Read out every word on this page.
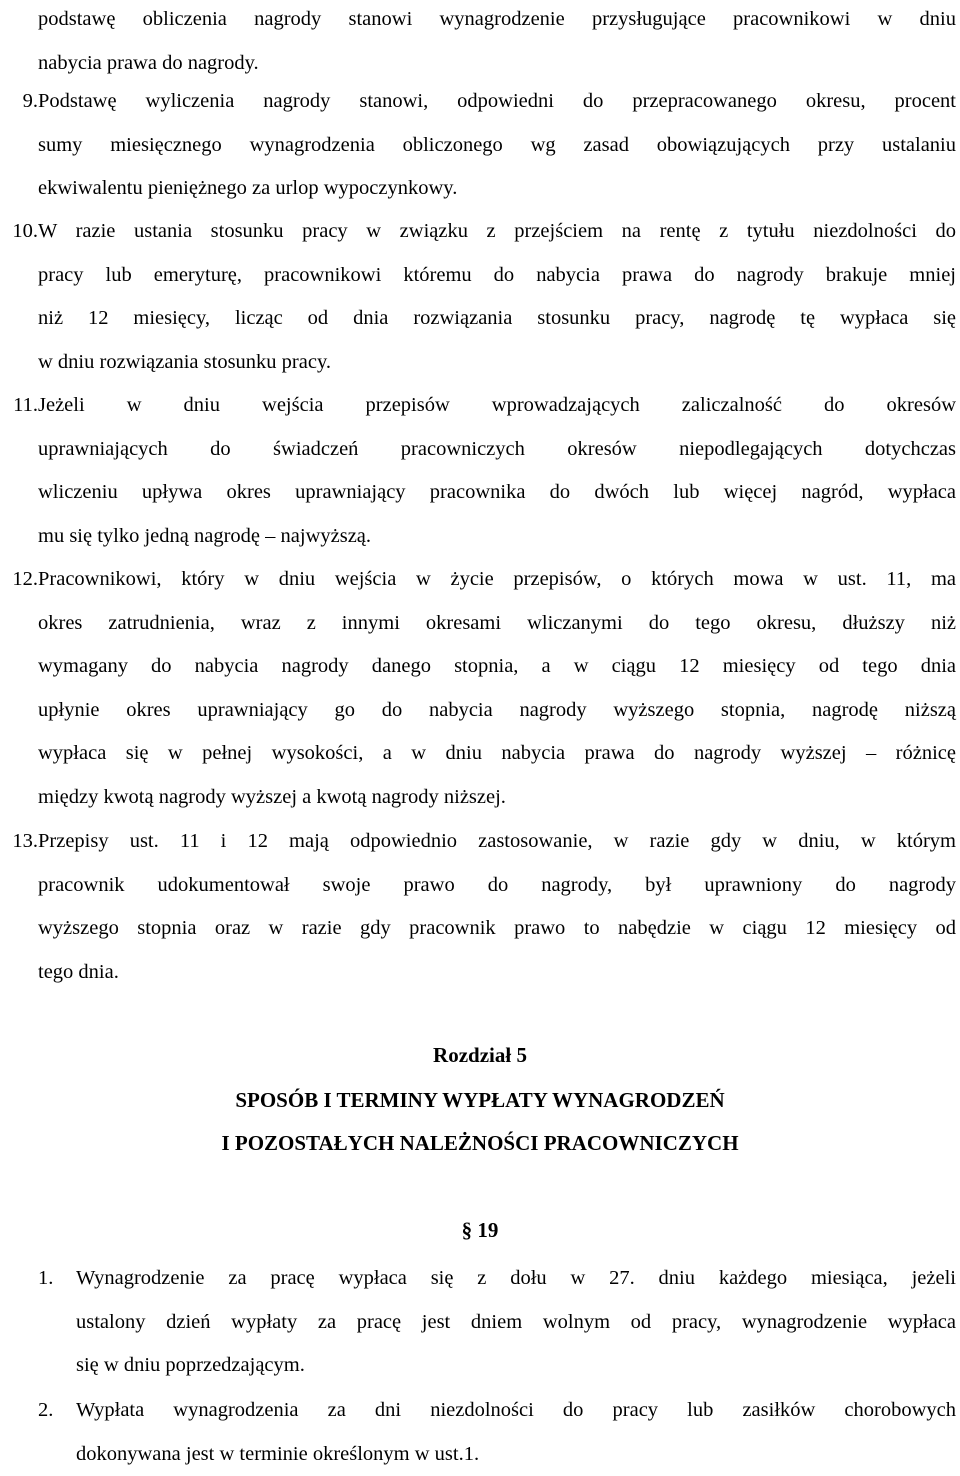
podstawę obliczenia nagrody stanowi wynagrodzenie przysługujące pracownikowi w dniu
nabycia prawa do nagrody.
9. Podstawę wyliczenia nagrody stanowi, odpowiedni do przepracowanego okresu, procent
sumy miesięcznego wynagrodzenia obliczonego wg zasad obowiązujących przy ustalaniu
ekwiwalentu pieniężnego za urlop wypoczynkowy.
10. W razie ustania stosunku pracy w związku z przejściem na rentę z tytułu niezdolności do
pracy lub emeryturę, pracownikowi któremu do nabycia prawa do nagrody brakuje mniej
niż 12 miesięcy, licząc od dnia rozwiązania stosunku pracy, nagrodę tę wypłaca się
w dniu rozwiązania stosunku pracy.
11. Jeżeli w dniu wejścia przepisów wprowadzających zaliczalność do okresów
uprawniających do świadczeń pracowniczych okresów niepodlegających dotychczas
wliczeniu upływa okres uprawniający pracownika do dwóch lub więcej nagród, wypłaca
mu się tylko jedną nagrodę – najwyższą.
12. Pracownikowi, który w dniu wejścia w życie przepisów, o których mowa w ust. 11, ma
okres zatrudnienia, wraz z innymi okresami wliczanymi do tego okresu, dłuższy niż
wymagany do nabycia nagrody danego stopnia, a w ciągu 12 miesięcy od tego dnia
upłynie okres uprawniający go do nabycia nagrody wyższego stopnia, nagrodę niższą
wypłaca się w pełnej wysokości, a w dniu nabycia prawa do nagrody wyższej – różnicę
między kwotą nagrody wyższej a kwotą nagrody niższej.
13. Przepisy ust. 11 i 12 mają odpowiednio zastosowanie, w razie gdy w dniu, w którym
pracownik udokumentował swoje prawo do nagrody, był uprawniony do nagrody
wyższego stopnia oraz w razie gdy pracownik prawo to nabędzie w ciągu 12 miesięcy od
tego dnia.
Rozdział 5
SPOSÓB I TERMINY WYPŁATY WYNAGRODZEŃ
I POZOSTAŁYCH NALEŻNOŚCI PRACOWNICZYCH
§ 19
1. Wynagrodzenie za pracę wypłaca się z dołu w 27. dniu każdego miesiąca, jeżeli
ustalony dzień wypłaty za pracę jest dniem wolnym od pracy, wynagrodzenie wypłaca
się w dniu poprzedzającym.
2. Wypłata wynagrodzenia za dni niezdolności do pracy lub zasiłków chorobowych
dokonywana jest w terminie określonym w ust.1.
